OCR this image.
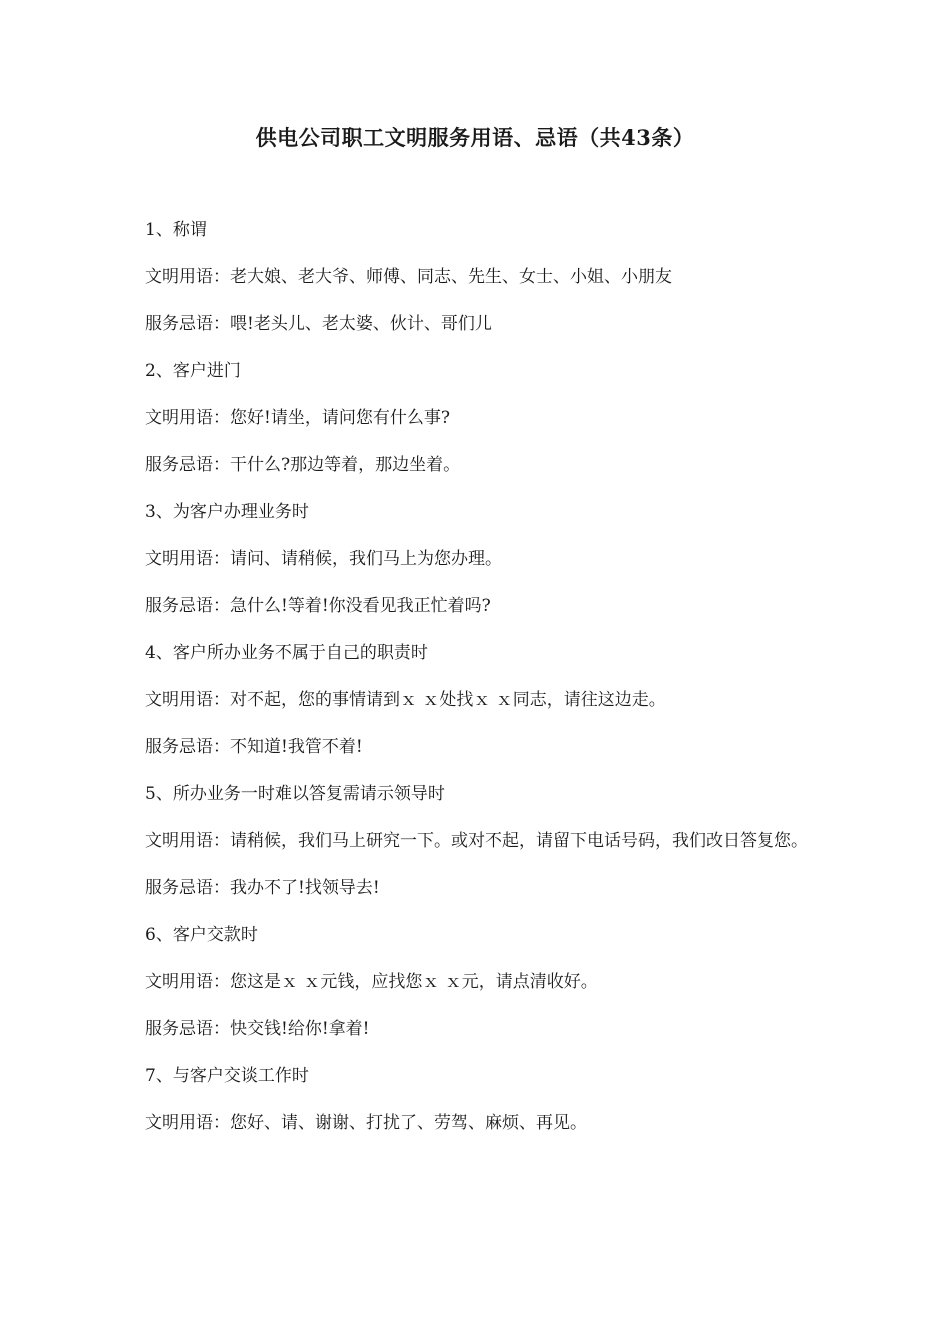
供电公司职工文明服务用语、忌语（共43条）

1、称谓

文明用语：老大娘、老大爷、师傅、同志、先生、女士、小姐、小朋友

服务忌语：喂!老头儿、老太婆、伙计、哥们儿

2、客户进门

文明用语：您好!请坐，请问您有什么事?

服务忌语：干什么?那边等着，那边坐着。

3、为客户办理业务时

文明用语：请问、请稍候，我们马上为您办理。

服务忌语：急什么!等着!你没看见我正忙着吗?

4、客户所办业务不属于自己的职责时

文明用语：对不起，您的事情请到ｘ ｘ处找ｘ ｘ同志，请往这边走。

服务忌语：不知道!我管不着!

5、所办业务一时难以答复需请示领导时

文明用语：请稍候，我们马上研究一下。或对不起，请留下电话号码，我们改日答复您。

服务忌语：我办不了!找领导去!

6、客户交款时

文明用语：您这是ｘ ｘ元钱，应找您ｘ ｘ元，请点清收好。

服务忌语：快交钱!给你!拿着!

7、与客户交谈工作时

文明用语：您好、请、谢谢、打扰了、劳驾、麻烦、再见。
